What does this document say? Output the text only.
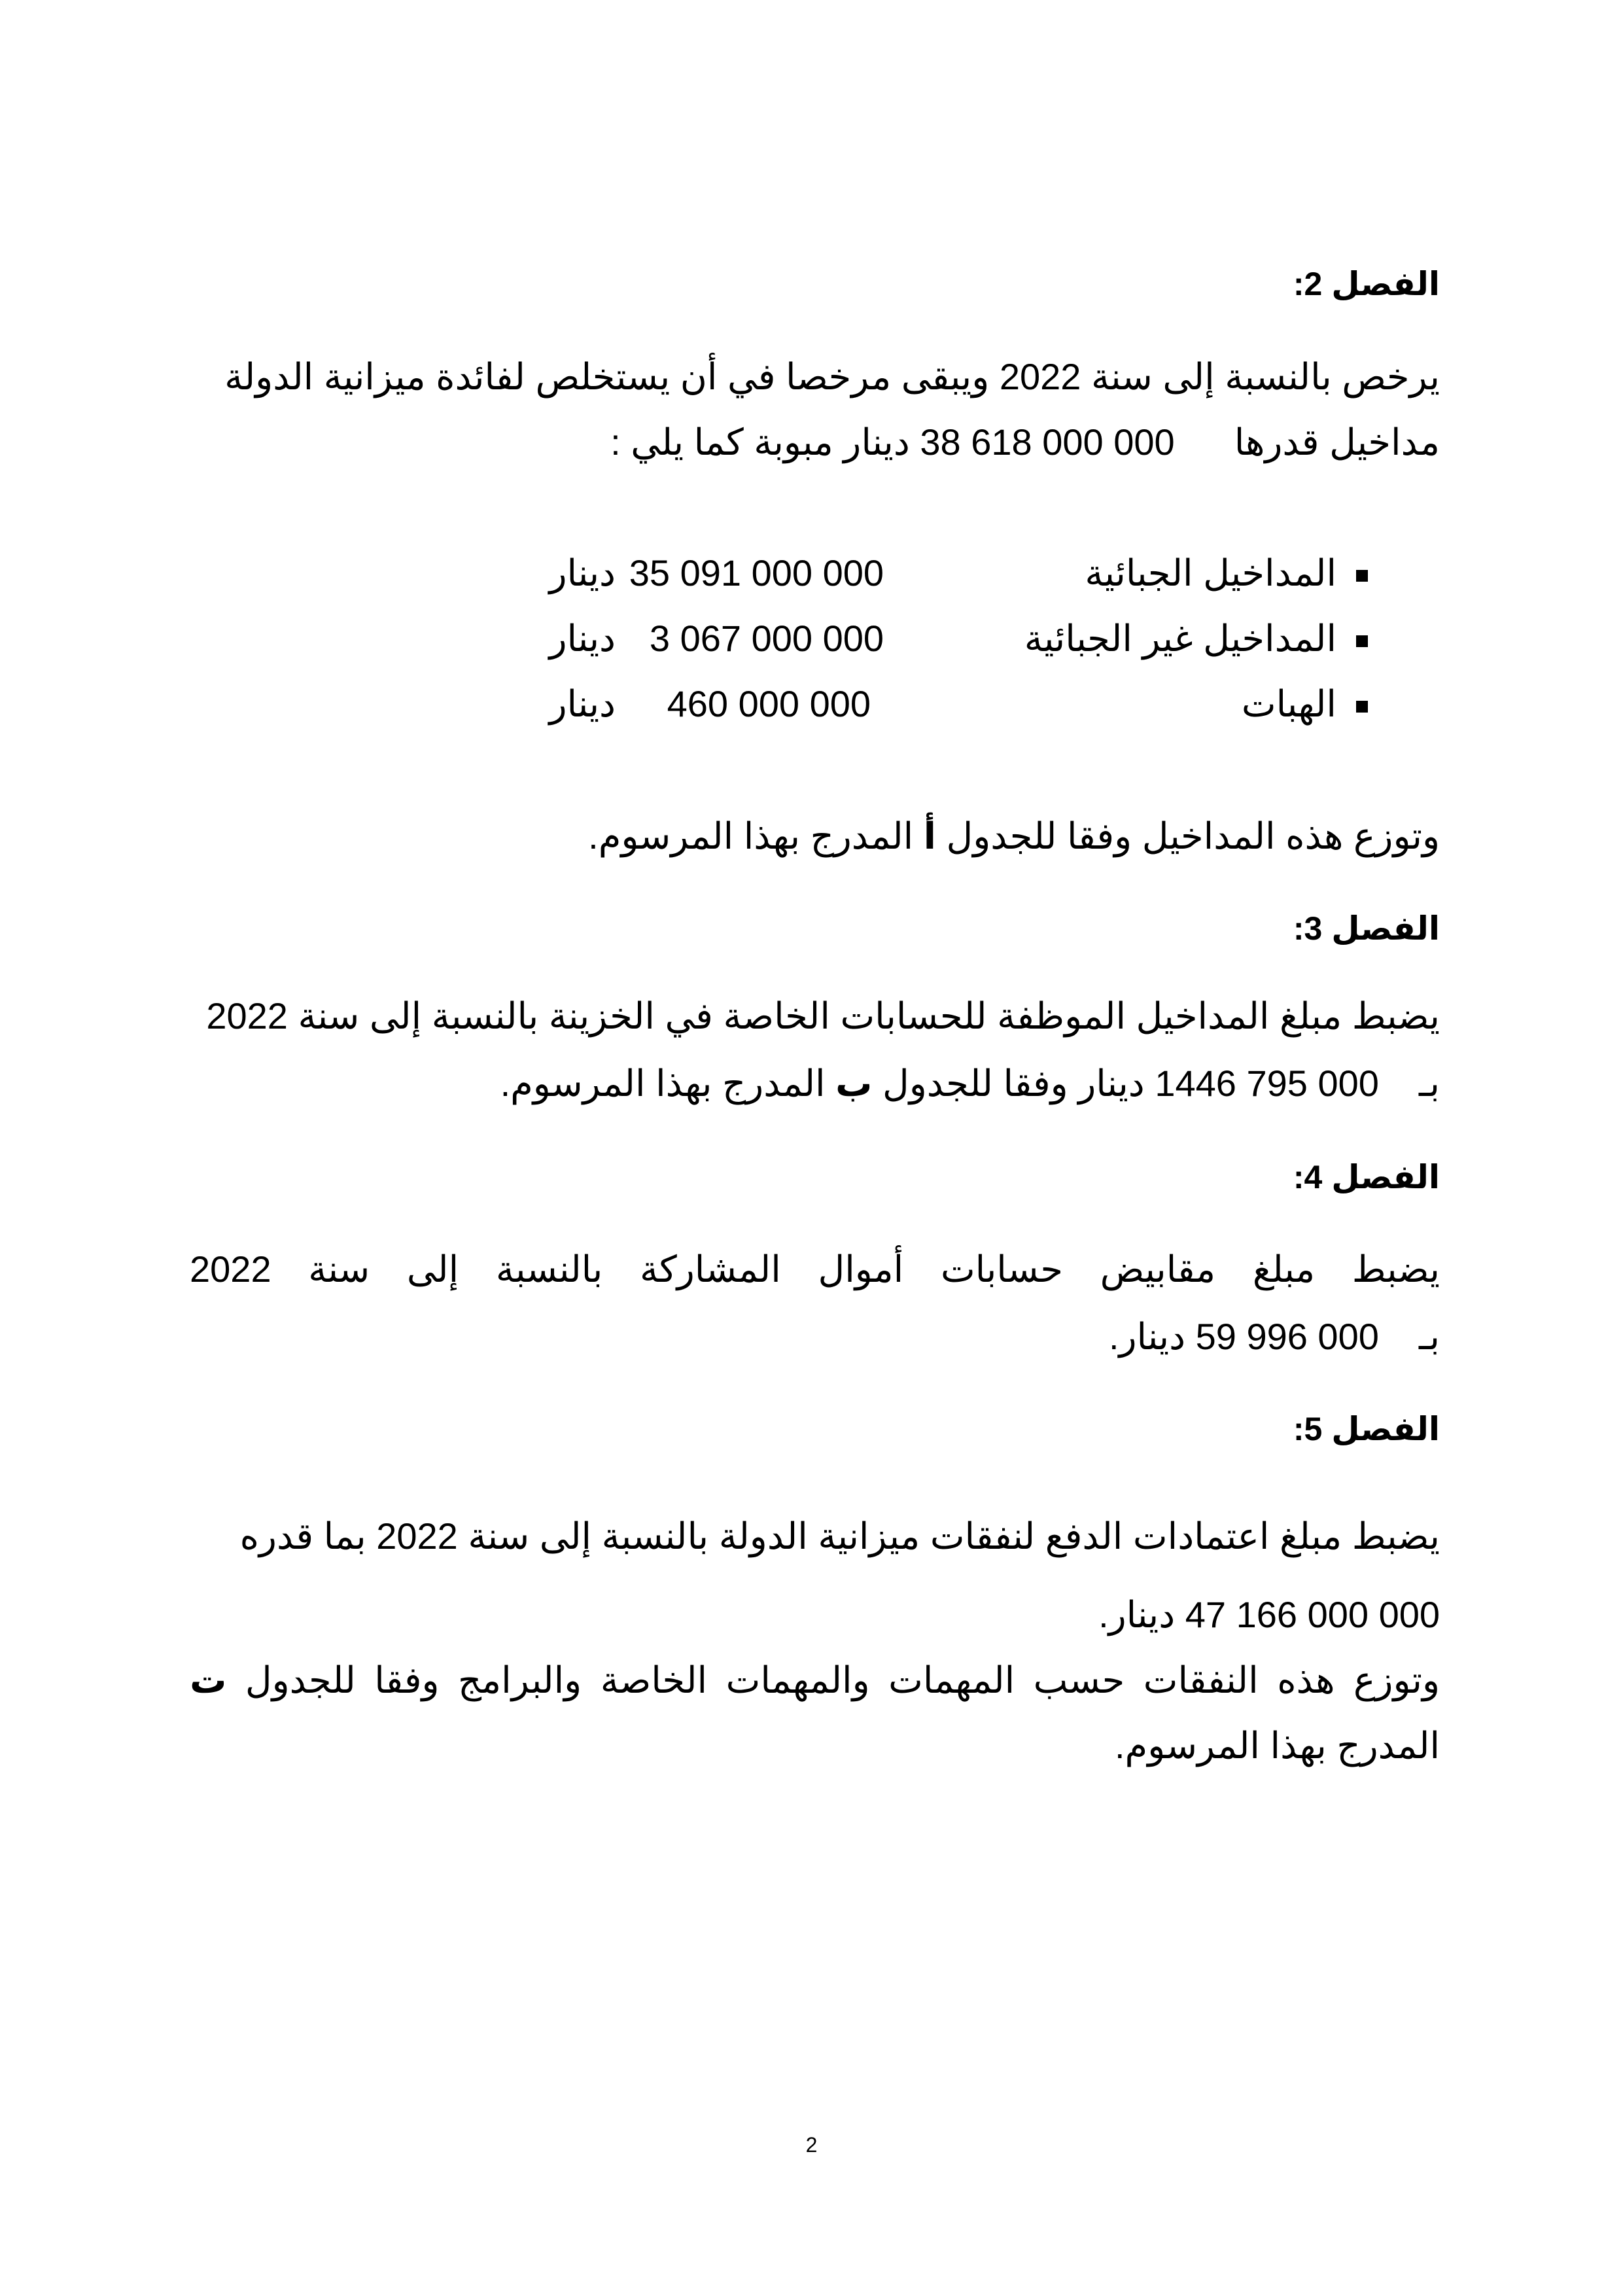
الفصل 2:
يرخص بالنسبة إلى سنة 2022 ويبقى مرخصا في أن يستخلص لفائدة ميزانية الدولة
مداخيل قدرها  38 618 000 000 دينار مبوبة كما يلي :
المداخيل الجبائية
35 091 000 000
دينار
المداخيل غير الجبائية
3 067 000 000
دينار
الهبات
460 000 000
دينار
وتوزع هذه المداخيل وفقا للجدول أ المدرج بهذا المرسوم.
الفصل 3:
يضبط مبلغ المداخيل الموظفة للحسابات الخاصة في الخزينة بالنسبة إلى سنة 2022
بـ  1446 795 000 دينار وفقا للجدول ب المدرج بهذا المرسوم.
الفصل 4:
يضبط
مبلغ
مقابيض
حسابات
أموال
المشاركة
بالنسبة
إلى
سنة
2022
بـ  59 996 000 دينار.
الفصل 5:
يضبط مبلغ اعتمادات الدفع لنفقات ميزانية الدولة بالنسبة إلى سنة 2022 بما قدره
47 166 000 000 دينار.
وتوزع
هذه
النفقات
حسب
المهمات
والمهمات
الخاصة
والبرامج
وفقا
للجدول
ت
المدرج بهذا المرسوم.
2
